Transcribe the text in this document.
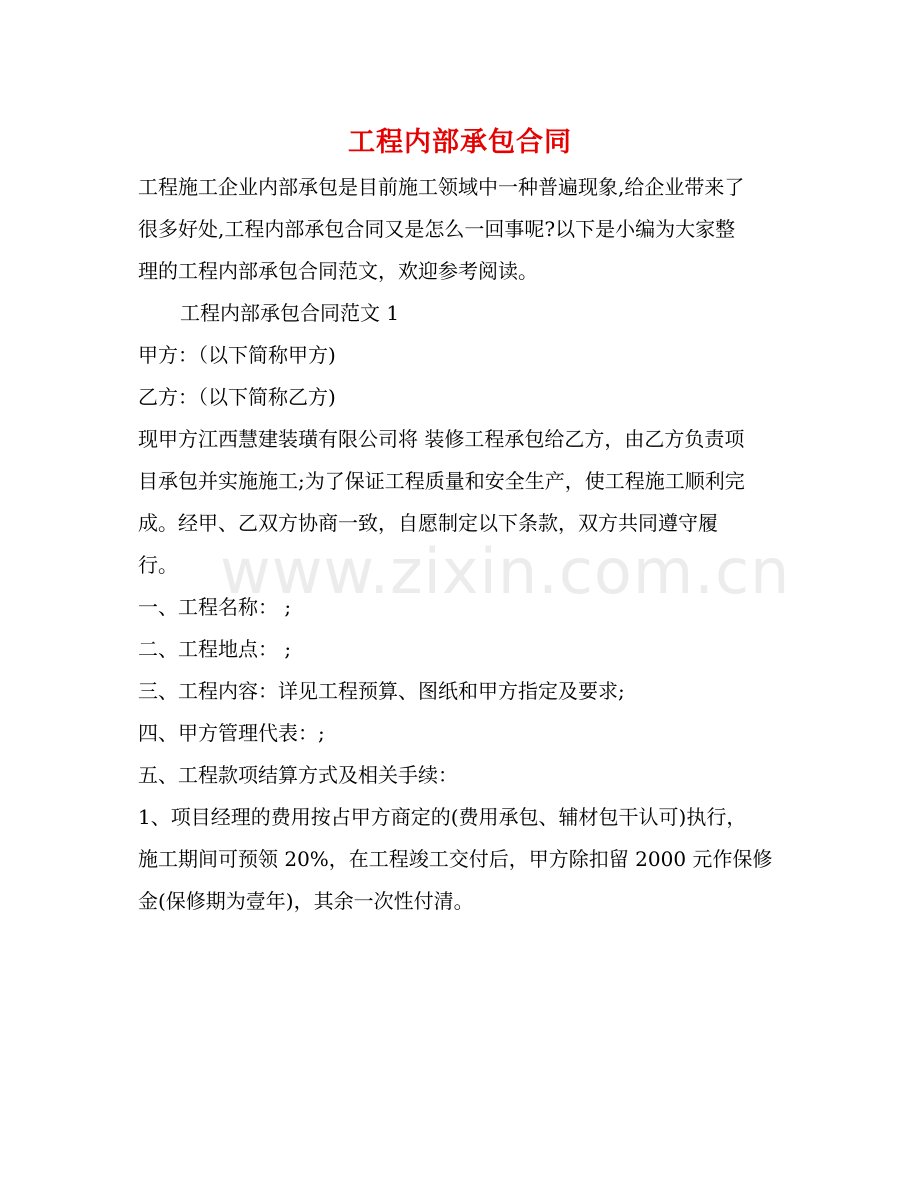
www.zixin.com.cn
工程内部承包合同
工程施工企业内部承包是目前施工领域中一种普遍现象,给企业带来了
很多好处,工程内部承包合同又是怎么一回事呢?以下是小编为大家整
理的工程内部承包合同范文，欢迎参考阅读。
工程内部承包合同范文 1
甲方：（以下简称甲方)
乙方：（以下简称乙方)
现甲方江西慧建装璜有限公司将 装修工程承包给乙方，由乙方负责项
目承包并实施施工;为了保证工程质量和安全生产，使工程施工顺利完
成。经甲、乙双方协商一致，自愿制定以下条款，双方共同遵守履
行。
一、工程名称： ;
二、工程地点： ;
三、工程内容：详见工程预算、图纸和甲方指定及要求;
四、甲方管理代表：;
五、工程款项结算方式及相关手续：
1、项目经理的费用按占甲方商定的(费用承包、辅材包干认可)执行，
施工期间可预领 20%，在工程竣工交付后，甲方除扣留 2000 元作保修
金(保修期为壹年)，其余一次性付清。
